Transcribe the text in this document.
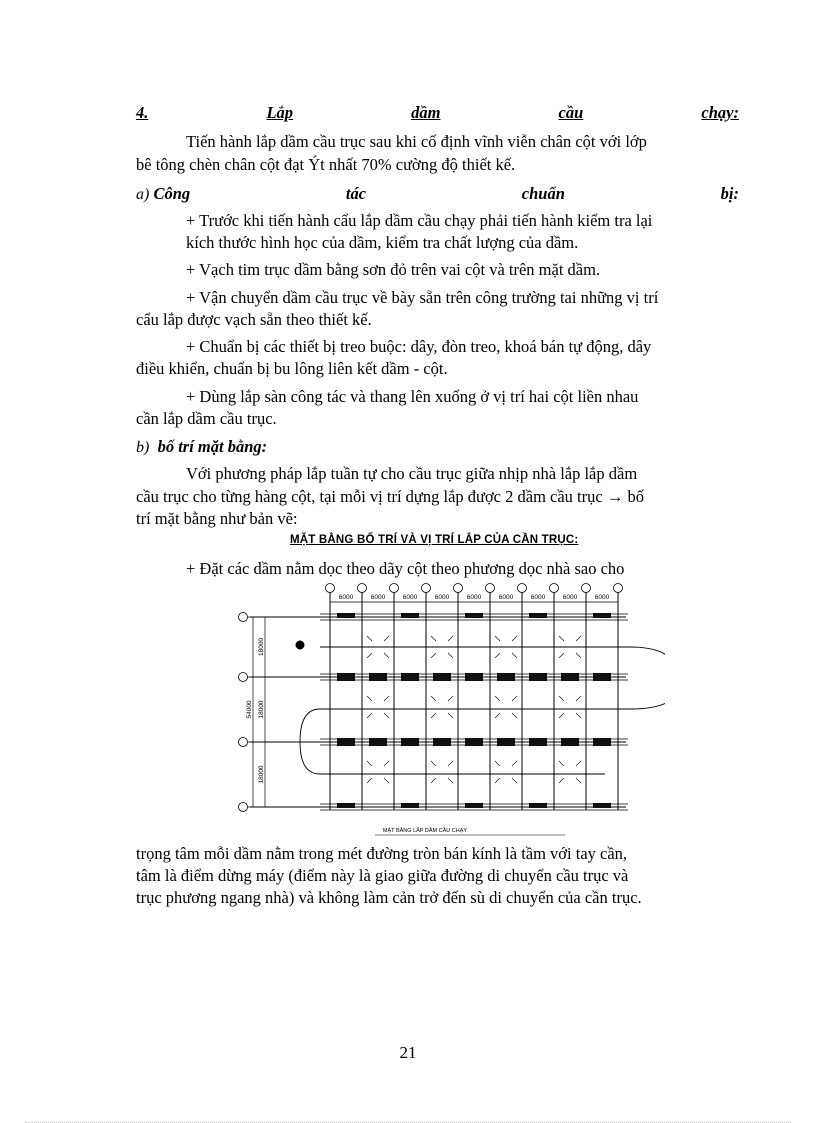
4.	Lắp	dầm	cầu	chạy:
Tiến hành lắp dầm cầu trục sau khi cố định vĩnh viễn chân cột với lớp
bê tông chèn chân cột đạt Ýt nhất 70% cường độ thiết kế.
a) Công	tác	chuẩn	bị:
+ Trước khi tiến hành cẩu lắp dầm cầu chạy phải tiến hành kiểm tra lại
kích thước hình học của dầm, kiểm tra chất lượng của dầm.
+ Vạch tim trục dầm bằng sơn đỏ trên vai cột và trên mặt dầm.
+ Vận chuyển dầm cầu trục về bày sẵn trên công trường tai những vị trí
cẩu lắp được vạch sẵn theo thiết kế.
+ Chuẩn bị các thiết bị treo buộc: dây, đòn treo, khoá bán tự động, dây
điều khiển, chuẩn bị bu lông liên kết dầm - cột.
+ Dùng lắp sàn công tác và thang lên xuống ở vị trí hai cột liền nhau
cần lắp dầm cầu trục.
b) bố trí mặt bằng:
Với phương pháp lắp tuần tự cho cầu trục giữa nhịp nhà lắp lắp dầm
cầu trục cho từng hàng cột, tại mỗi vị trí dựng lắp được 2 dầm cầu trục → bố
trí mặt bằng như bản vẽ:
MẶT BẰNG BỐ TRÍ VÀ VỊ TRÍ LẮP CỦA CẦN TRỤC:
+ Đặt các dầm nằm dọc theo dãy cột theo phương dọc nhà sao cho
6000	6000	6000	6000	6000	6000	6000	6000	6000
18000
18000
18000
54000
MẶT BẰNG LẮP DẦM CẦU CHẠY
trọng tâm mỗi dầm nằm trong mét đường tròn bán kính là tầm với tay cần,
tâm là điểm dừng máy (điểm này là giao giữa đường di chuyển cầu trục và
trục phương ngang nhà) và không làm cản trở đến sù di chuyển của cần trục.
21
